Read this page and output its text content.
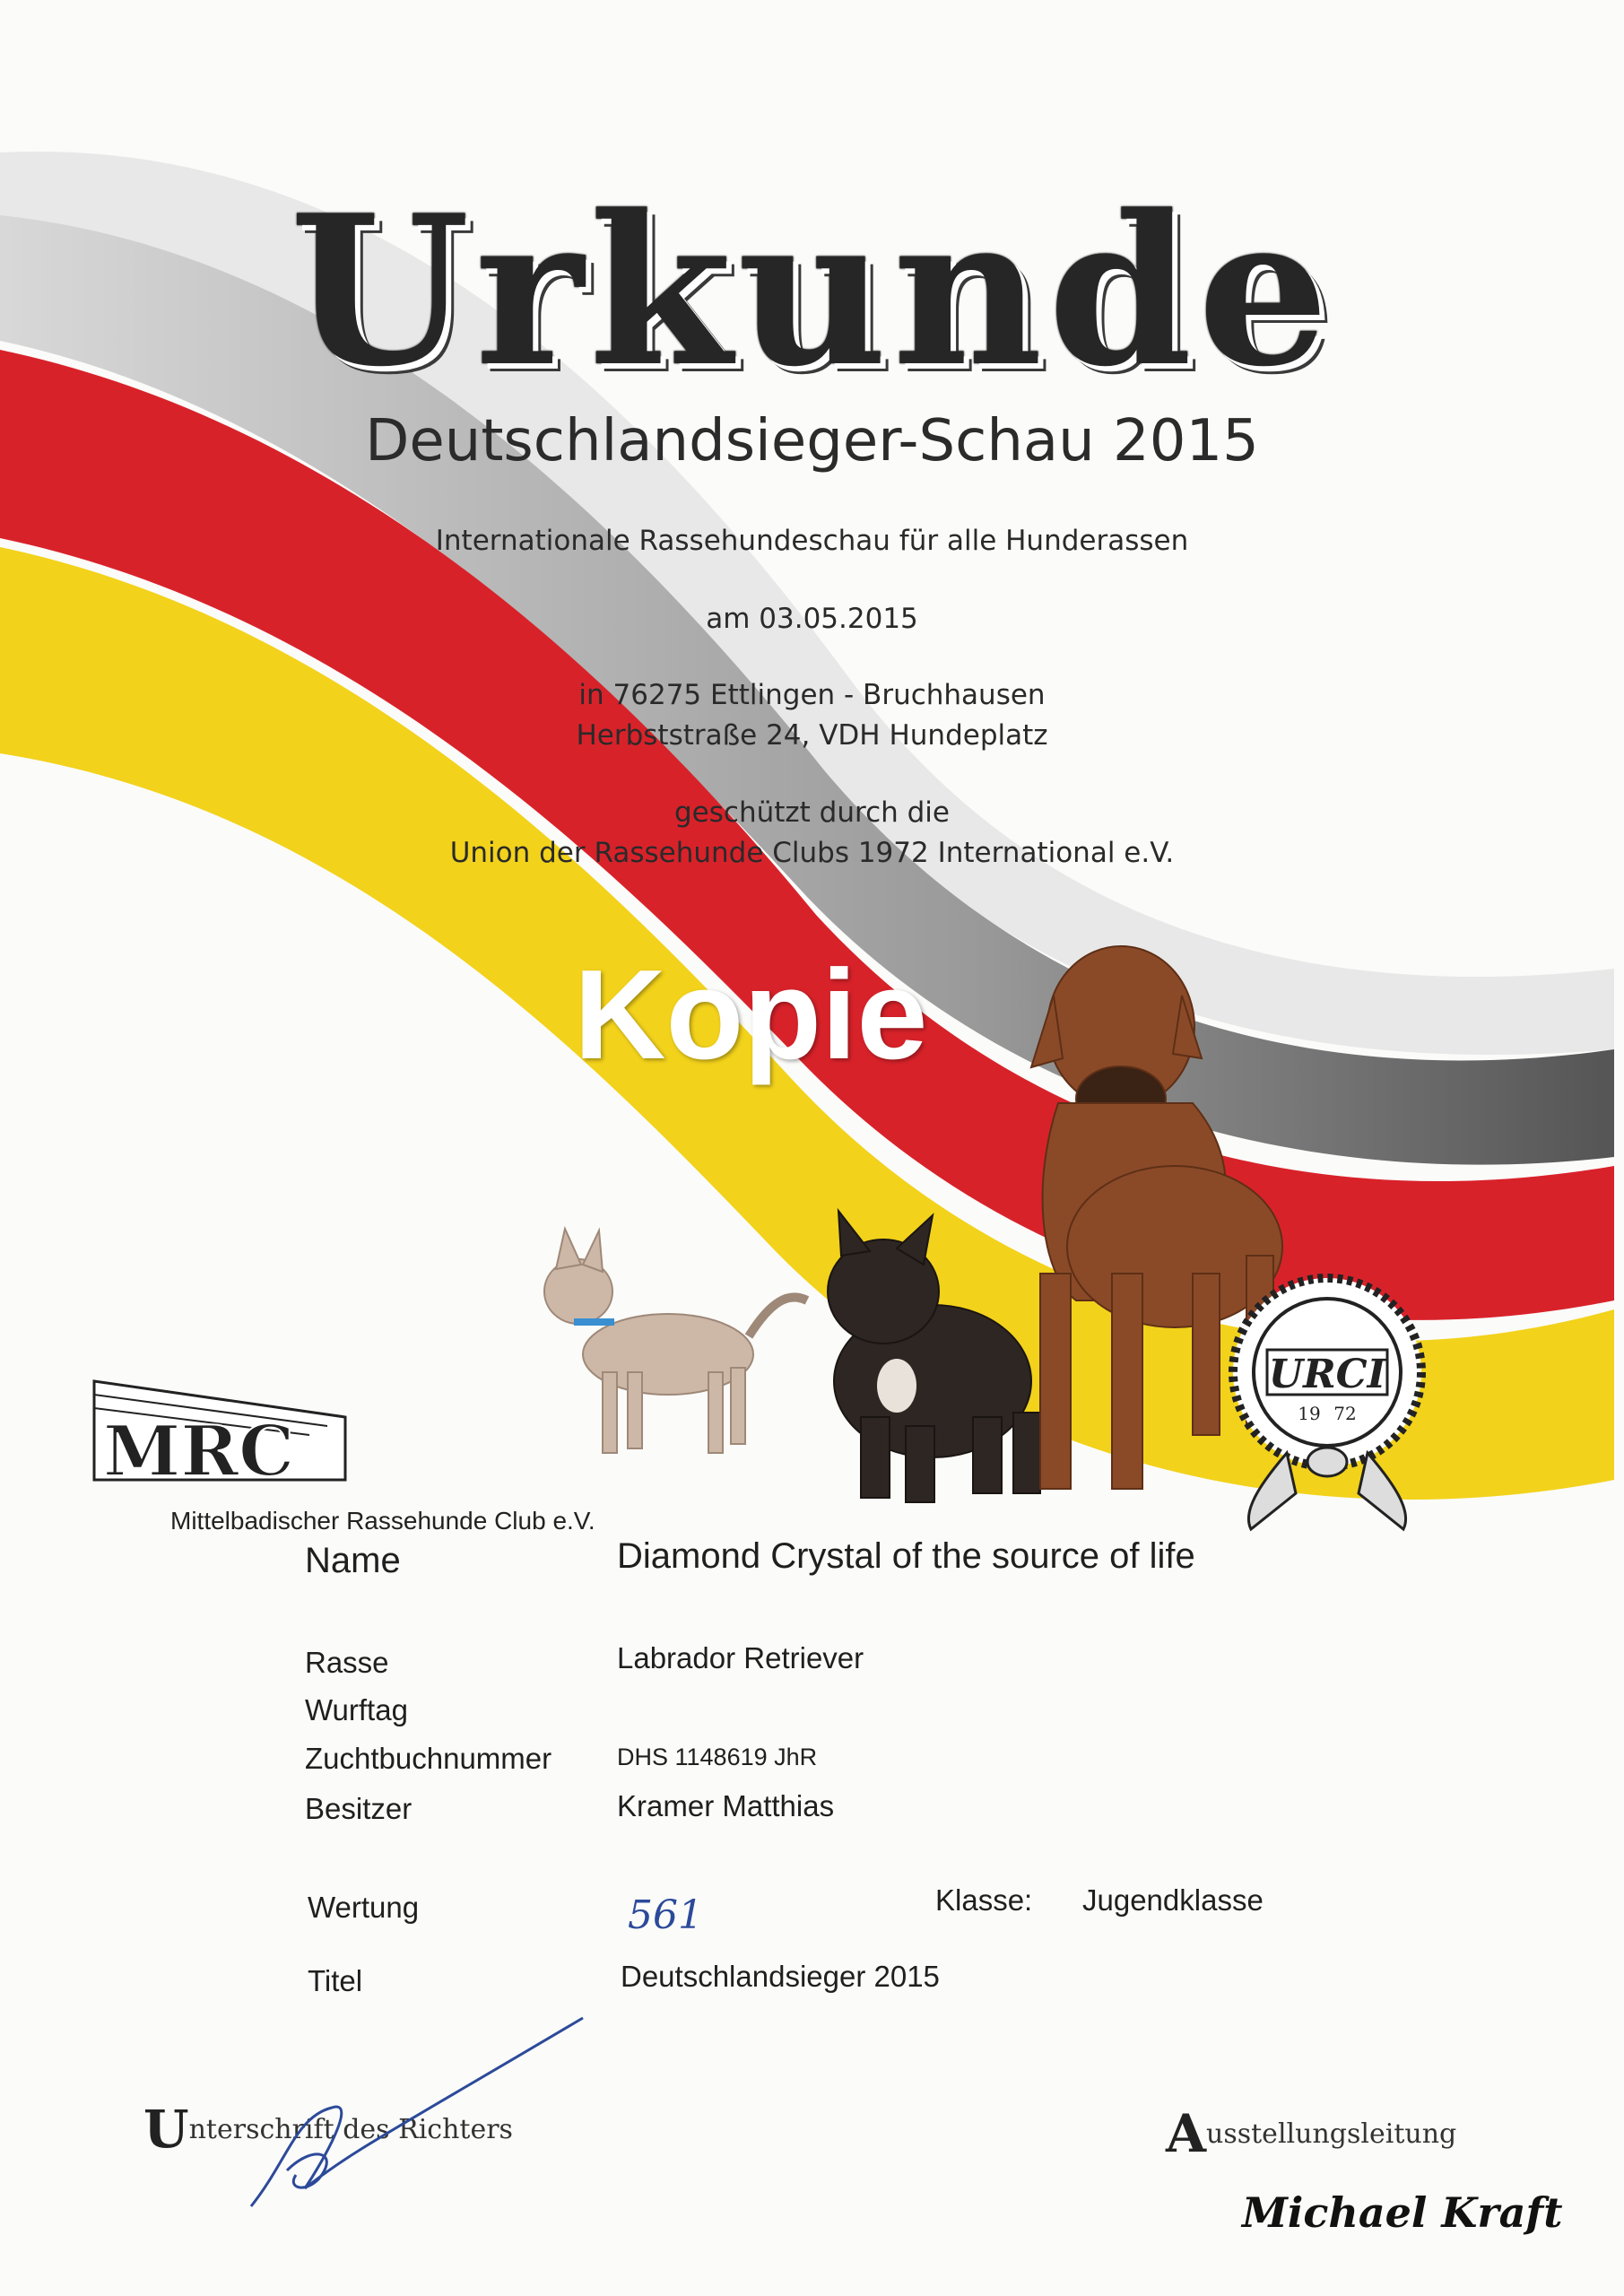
Urkunde
Deutschlandsieger-Schau 2015
Internationale Rassehundeschau für alle Hunderassen
am 03.05.2015
in 76275 Ettlingen - Bruchhausen
Herbststraße 24, VDH Hundeplatz
geschützt durch die
Union der Rassehunde Clubs 1972 International e.V.
Kopie
MRC
Mittelbadischer Rassehunde Club e.V.
URCI
19 72
Name	Diamond Crystal of the source of life
Rasse	Labrador Retriever
Wurftag
Zuchtbuchnummer	DHS 1148619 JhR
Besitzer	Kramer Matthias
Wertung	561	Klasse: Jugendklasse
Titel	Deutschlandsieger 2015
Unterschrift des Richters	Ausstellungsleitung
Michael Kraft
